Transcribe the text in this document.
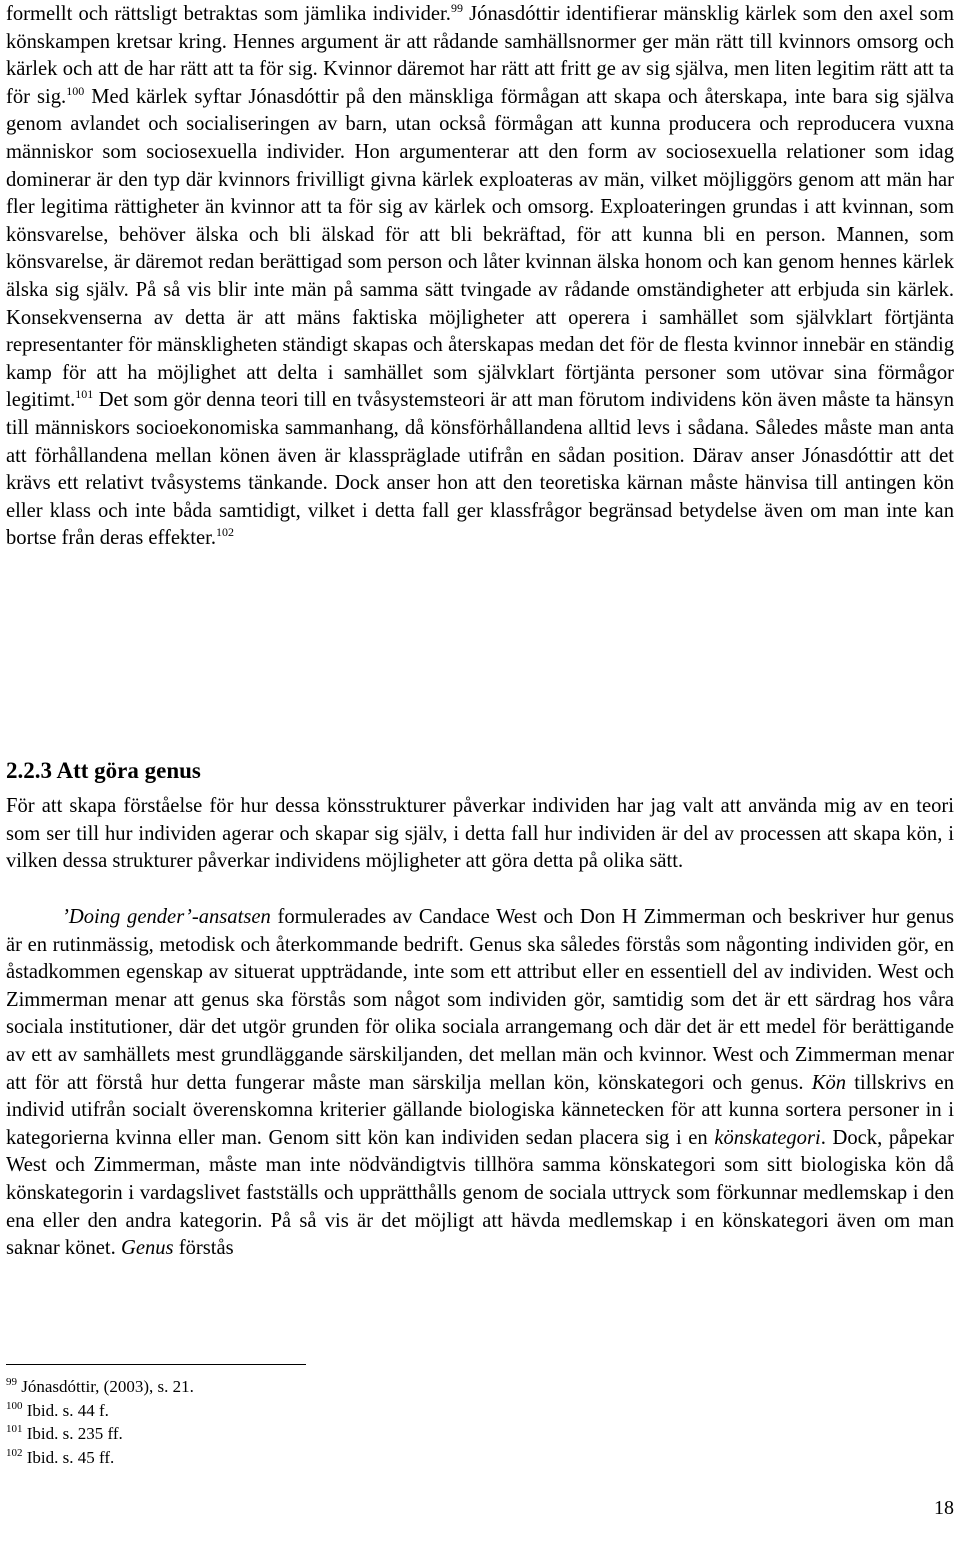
formellt och rättsligt betraktas som jämlika individer.$^{99}$ Jónasdóttir identifierar mänsklig kärlek som den axel som könskampen kretsar kring. Hennes argument är att rådande samhällsnormer ger män rätt till kvinnors omsorg och kärlek och att de har rätt att ta för sig. Kvinnor däremot har rätt att fritt ge av sig själva, men liten legitim rätt att ta för sig.$^{100}$ Med kärlek syftar Jónasdóttir på den mänskliga förmågan att skapa och återskapa, inte bara sig själva genom avlandet och socialiseringen av barn, utan också förmågan att kunna producera och reproducera vuxna människor som sociosexuella individer. Hon argumenterar att den form av sociosexuella relationer som idag dominerar är den typ där kvinnors frivilligt givna kärlek exploateras av män, vilket möjliggörs genom att män har fler legitima rättigheter än kvinnor att ta för sig av kärlek och omsorg. Exploateringen grundas i att kvinnan, som könsvarelse, behöver älska och bli älskad för att bli bekräftad, för att kunna bli en person. Mannen, som könsvarelse, är däremot redan berättigad som person och låter kvinnan älska honom och kan genom hennes kärlek älska sig själv. På så vis blir inte män på samma sätt tvingade av rådande omständigheter att erbjuda sin kärlek. Konsekvenserna av detta är att mäns faktiska möjligheter att operera i samhället som självklart förtjänta representanter för mänskligheten ständigt skapas och återskapas medan det för de flesta kvinnor innebär en ständig kamp för att ha möjlighet att delta i samhället som självklart förtjänta personer som utövar sina förmågor legitimt.$^{101}$ Det som gör denna teori till en tvåsystemsteori är att man förutom individens kön även måste ta hänsyn till människors socioekonomiska sammanhang, då könsförhållandena alltid levs i sådana. Således måste man anta att förhållandena mellan könen även är klasspräglade utifrån en sådan position. Därav anser Jónasdóttir att det krävs ett relativt tvåsystems tänkande. Dock anser hon att den teoretiska kärnan måste hänvisa till antingen kön eller klass och inte båda samtidigt, vilket i detta fall ger klassfrågor begränsad betydelse även om man inte kan bortse från deras effekter.$^{102}$

2.2.3 Att göra genus

För att skapa förståelse för hur dessa könsstrukturer påverkar individen har jag valt att använda mig av en teori som ser till hur individen agerar och skapar sig själv, i detta fall hur individen är del av processen att skapa kön, i vilken dessa strukturer påverkar individens möjligheter att göra detta på olika sätt.

’Doing gender’-ansatsen formulerades av Candace West och Don H Zimmerman och beskriver hur genus är en rutinmässig, metodisk och återkommande bedrift. Genus ska således förstås som någonting individen gör, en åstadkommen egenskap av situerat uppträdande, inte som ett attribut eller en essentiell del av individen. West och Zimmerman menar att genus ska förstås som något som individen gör, samtidig som det är ett särdrag hos våra sociala institutioner, där det utgör grunden för olika sociala arrangemang och där det är ett medel för berättigande av ett av samhällets mest grundläggande särskiljanden, det mellan män och kvinnor. West och Zimmerman menar att för att förstå hur detta fungerar måste man särskilja mellan kön, könskategori och genus. Kön tillskrivs en individ utifrån socialt överenskomna kriterier gällande biologiska kännetecken för att kunna sortera personer in i kategorierna kvinna eller man. Genom sitt kön kan individen sedan placera sig i en könskategori. Dock, påpekar West och Zimmerman, måste man inte nödvändigtvis tillhöra samma könskategori som sitt biologiska kön då könskategorin i vardagslivet fastställs och upprätthålls genom de sociala uttryck som förkunnar medlemskap i den ena eller den andra kategorin. På så vis är det möjligt att hävda medlemskap i en könskategori även om man saknar könet. Genus förstås

$^{99}$ Jónasdóttir, (2003), s. 21.
$^{100}$ Ibid. s. 44 f.
$^{101}$ Ibid. s. 235 ff.
$^{102}$ Ibid. s. 45 ff.
18
